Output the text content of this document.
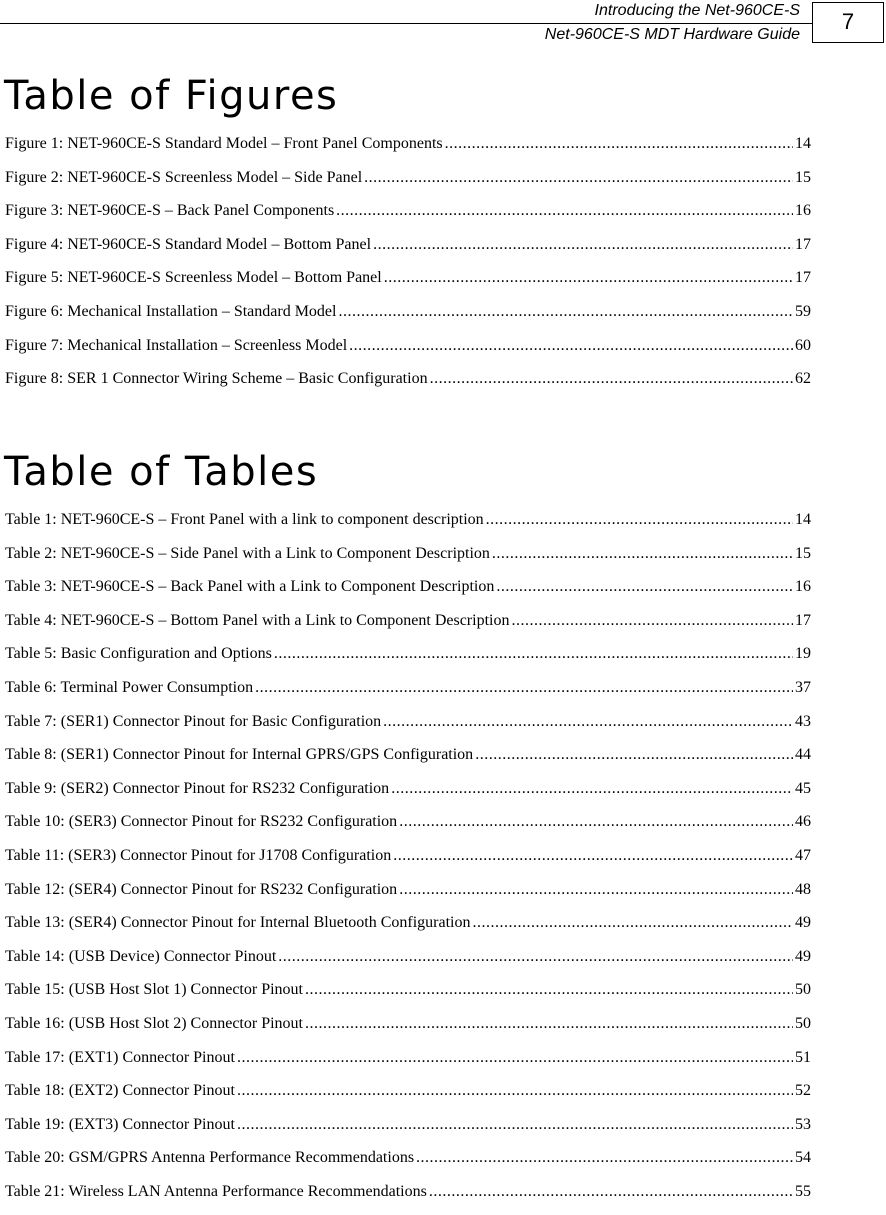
Introducing the Net-960CE-S
Net-960CE-S MDT Hardware Guide
7
Table of Figures
Figure 1: NET-960CE-S Standard Model – Front Panel Components .....	14
Figure 2: NET-960CE-S Screenless Model – Side Panel .....	15
Figure 3: NET-960CE-S – Back Panel Components .....	16
Figure 4: NET-960CE-S Standard Model – Bottom Panel .....	17
Figure 5: NET-960CE-S Screenless Model – Bottom Panel .....	17
Figure 6: Mechanical Installation – Standard Model .....	59
Figure 7: Mechanical Installation – Screenless Model .....	60
Figure 8: SER 1 Connector Wiring Scheme – Basic Configuration .....	62
Table of Tables
Table 1: NET-960CE-S – Front Panel with a link to component description .....	14
Table 2: NET-960CE-S – Side Panel with a Link to Component Description .....	15
Table 3: NET-960CE-S – Back Panel with a Link to Component Description .....	16
Table 4: NET-960CE-S – Bottom Panel with a Link to Component Description .....	17
Table 5: Basic Configuration and Options .....	19
Table 6: Terminal Power Consumption .....	37
Table 7: (SER1) Connector Pinout for Basic Configuration .....	43
Table 8: (SER1) Connector Pinout for Internal GPRS/GPS Configuration .....	44
Table 9: (SER2) Connector Pinout for RS232 Configuration .....	45
Table 10: (SER3) Connector Pinout for RS232 Configuration .....	46
Table 11: (SER3) Connector Pinout for J1708 Configuration .....	47
Table 12: (SER4) Connector Pinout for RS232 Configuration .....	48
Table 13: (SER4) Connector Pinout for Internal Bluetooth Configuration .....	49
Table 14: (USB Device) Connector Pinout .....	49
Table 15: (USB Host Slot 1) Connector Pinout .....	50
Table 16: (USB Host Slot 2) Connector Pinout .....	50
Table 17: (EXT1) Connector Pinout .....	51
Table 18: (EXT2) Connector Pinout .....	52
Table 19: (EXT3) Connector Pinout .....	53
Table 20: GSM/GPRS Antenna Performance Recommendations .....	54
Table 21: Wireless LAN Antenna Performance Recommendations .....	55
